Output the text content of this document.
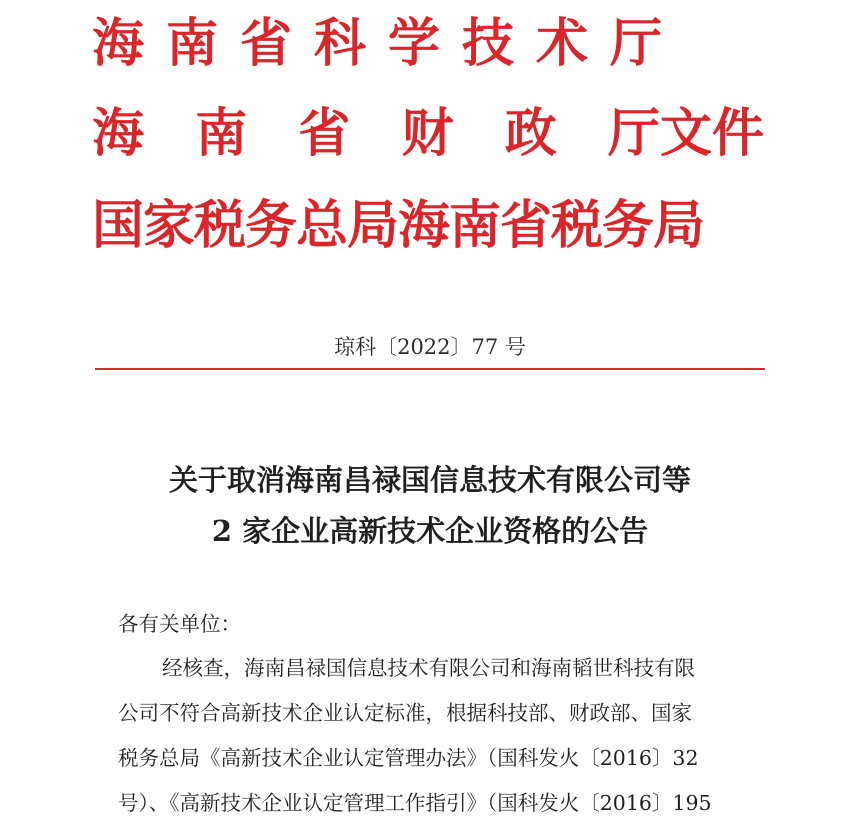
海南省科学技术厅
海 南 省 财 政 厅文件
国家税务总局海南省税务局

琼科〔2022〕77 号

关于取消海南昌禄国信息技术有限公司等
2 家企业高新技术企业资格的公告

各有关单位：

经核查，海南昌禄国信息技术有限公司和海南韬世科技有限

公司不符合高新技术企业认定标准，根据科技部、财政部、国家

税务总局《高新技术企业认定管理办法》（国科发火〔2016〕32

号）、《高新技术企业认定管理工作指引》（国科发火〔2016〕195
